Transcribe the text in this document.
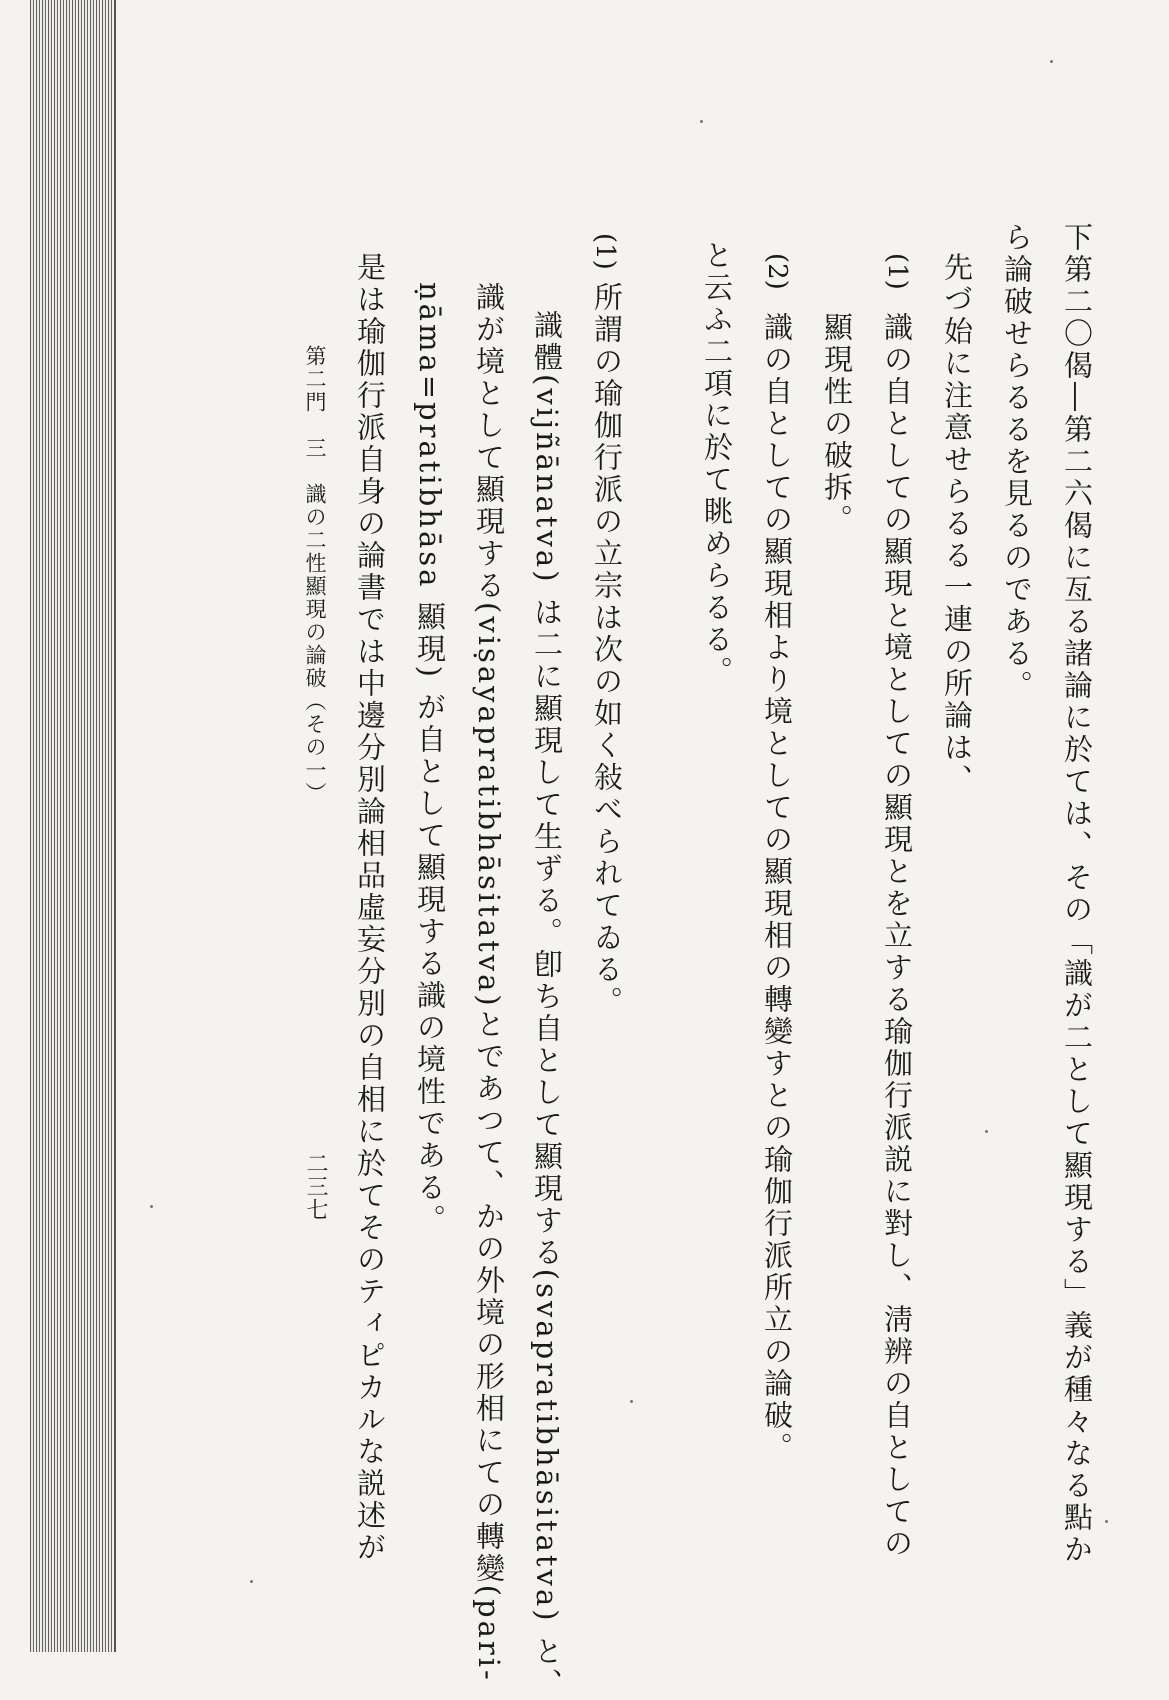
下第二〇偈―第二六偈に亙る諸論に於ては、その「識が二として顯現する」義が種々なる點か
ら論破せらるるを見るのである。
先づ始に注意せらるる一連の所論は、
(1)
識の自としての顯現と境としての顯現とを立する瑜伽行派説に對し、淸辨の自としての
顯現性の破拆。
(2)
識の自としての顯現相より境としての顯現相の轉變すとの瑜伽行派所立の論破。
と云ふ二項に於て眺めらるる。
(1)
所謂の瑜伽行派の立宗は次の如く敍べられてゐる。
識體(vijñānatva) は二に顯現して生ずる。卽ち自として顯現する(svapratibhāsitatva) と、
識が境として顯現する(viṣayapratibhāsitatva)とであつて、かの外境の形相にての轉變(pari-
ṇāma=pratibhāsa 顯現) が自として顯現する識の境性である。
是は瑜伽行派自身の論書では中邊分別論相品虛妄分別の自相に於てそのティピカルな説述が
第二門　三　識の二性顯現の論破（その一）
二三七
